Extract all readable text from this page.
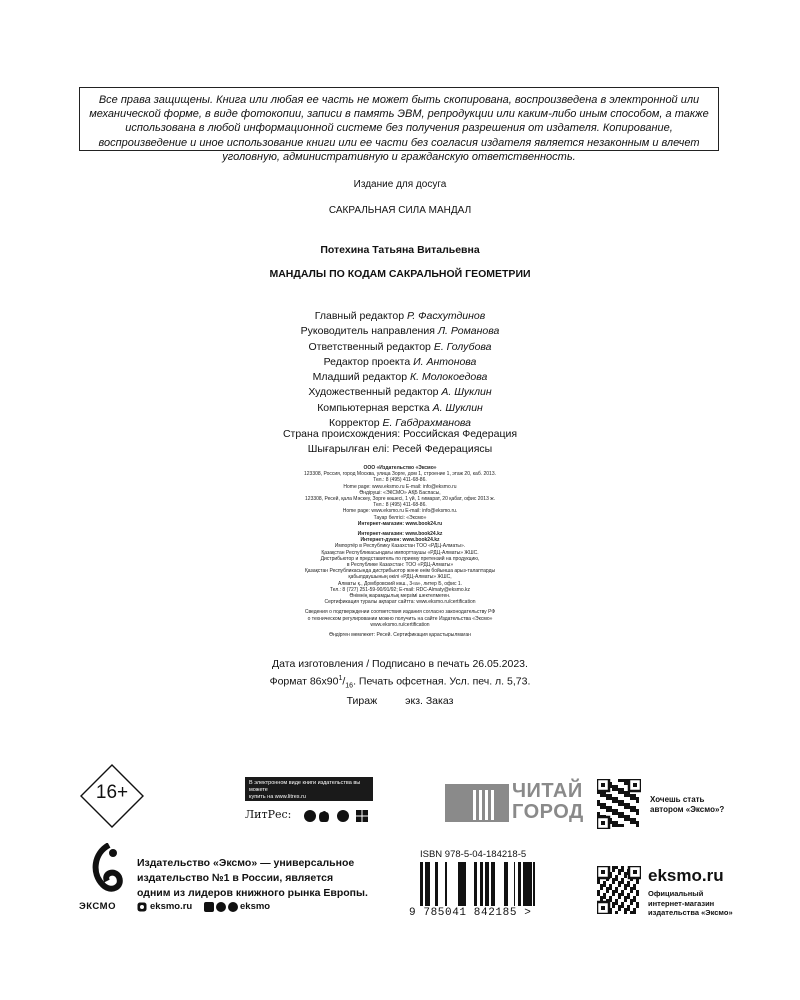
Все права защищены. Книга или любая ее часть не может быть скопирована, воспроизведена в электронной или механической форме, в виде фотокопии, записи в память ЭВМ, репродукции или каким-либо иным способом, а также использована в любой информационной системе без получения разрешения от издателя. Копирование, воспроизведение и иное использование книги или ее части без согласия издателя является незаконным и влечет уголовную, административную и гражданскую ответственность.
Издание для досуга
САКРАЛЬНАЯ СИЛА МАНДАЛ
Потехина Татьяна Витальевна
МАНДАЛЫ ПО КОДАМ САКРАЛЬНОЙ ГЕОМЕТРИИ
Главный редактор Р. Фасхутдинов
Руководитель направления Л. Романова
Ответственный редактор Е. Голубова
Редактор проекта И. Антонова
Младший редактор К. Молокоедова
Художественный редактор А. Шуклин
Компьютерная верстка А. Шуклин
Корректор Е. Габдрахманова
Страна происхождения: Российская Федерация
Шығарылған елі: Ресей Федерациясы
ООО «Издательство «Эксмо»
123308, Россия, город Москва, улица Зорге, дом 1, строение 1, этаж 20, каб. 2013.
Тел.: 8 (495) 411-68-86.
Home page: www.eksmo.ru E-mail: info@eksmo.ru
Өндіруші: «ЭКСМО» АҚБ Баспасы,
123308, Ресей, қала Мәскеу, Зорге көшесі, 1 үй, 1 ғимарат, 20 қабат, офис 2013 ж.
Тел.: 8 (495) 411-68-86.
Home page: www.eksmo.ru E-mail: info@eksmo.ru.
Тауар белгісі: «Эксмо»
Интернет-магазин: www.book24.ru
Интернет-магазин: www.book24.kz
Интернет-дүкен: www.book24.kz
Импортёр в Республику Казахстан ТОО «РДЦ-Алматы».
Қазақстан Республикасындағы импорттаушы «РДЦ-Алматы» ЖШС.
Дистрибьютор и представитель по приему претензий на продукцию,
в Республике Казахстан: ТОО «РДЦ-Алматы»
Қазақстан Республикасында дистрибьютор және өнім бойынша арыз-талаптарды
қабылдаушының өкілі «РДЦ-Алматы» ЖШС,
Алматы қ., Домбровский көш., 3«а», литер Б, офис 1.
Тел.: 8 (727) 251-59-90/91/92; E-mail: RDC-Almaty@eksmo.kz
Өнімнің жарамдылық мерзімі шектелмеген.
Сертификация туралы ақпарат сайтта: www.eksmo.ru/certification
Сведения о подтверждении соответствия издания согласно законодательству РФ
о техническом регулировании можно получить на сайте Издательства «Эксмо»
www.eksmo.ru/certification
Өндірген мемлекет: Ресей. Сертификация қарастырылмаған
Дата изготовления / Подписано в печать 26.05.2023.
Формат $86x90^1/_{16}$. Печать офсетная. Усл. печ. л. 5,73.
Тираж	экз. Заказ
16+	В электронном виде книги издательства вы можете
купить на www.litres.ru
ЛитРес:
ЧИТАЙ
ГОРОД
Хочешь стать автором «Эксмо»?
ЭКСМО
Издательство «Эксмо» — универсальное
издательство №1 в России, является
одним из лидеров книжного рынка Европы.
eksmo.ru	eksmo
ISBN 978-5-04-184218-5
9 785041 842185 >
eksmo.ru
Официальный
интернет-магазин
издательства «Эксмо»
